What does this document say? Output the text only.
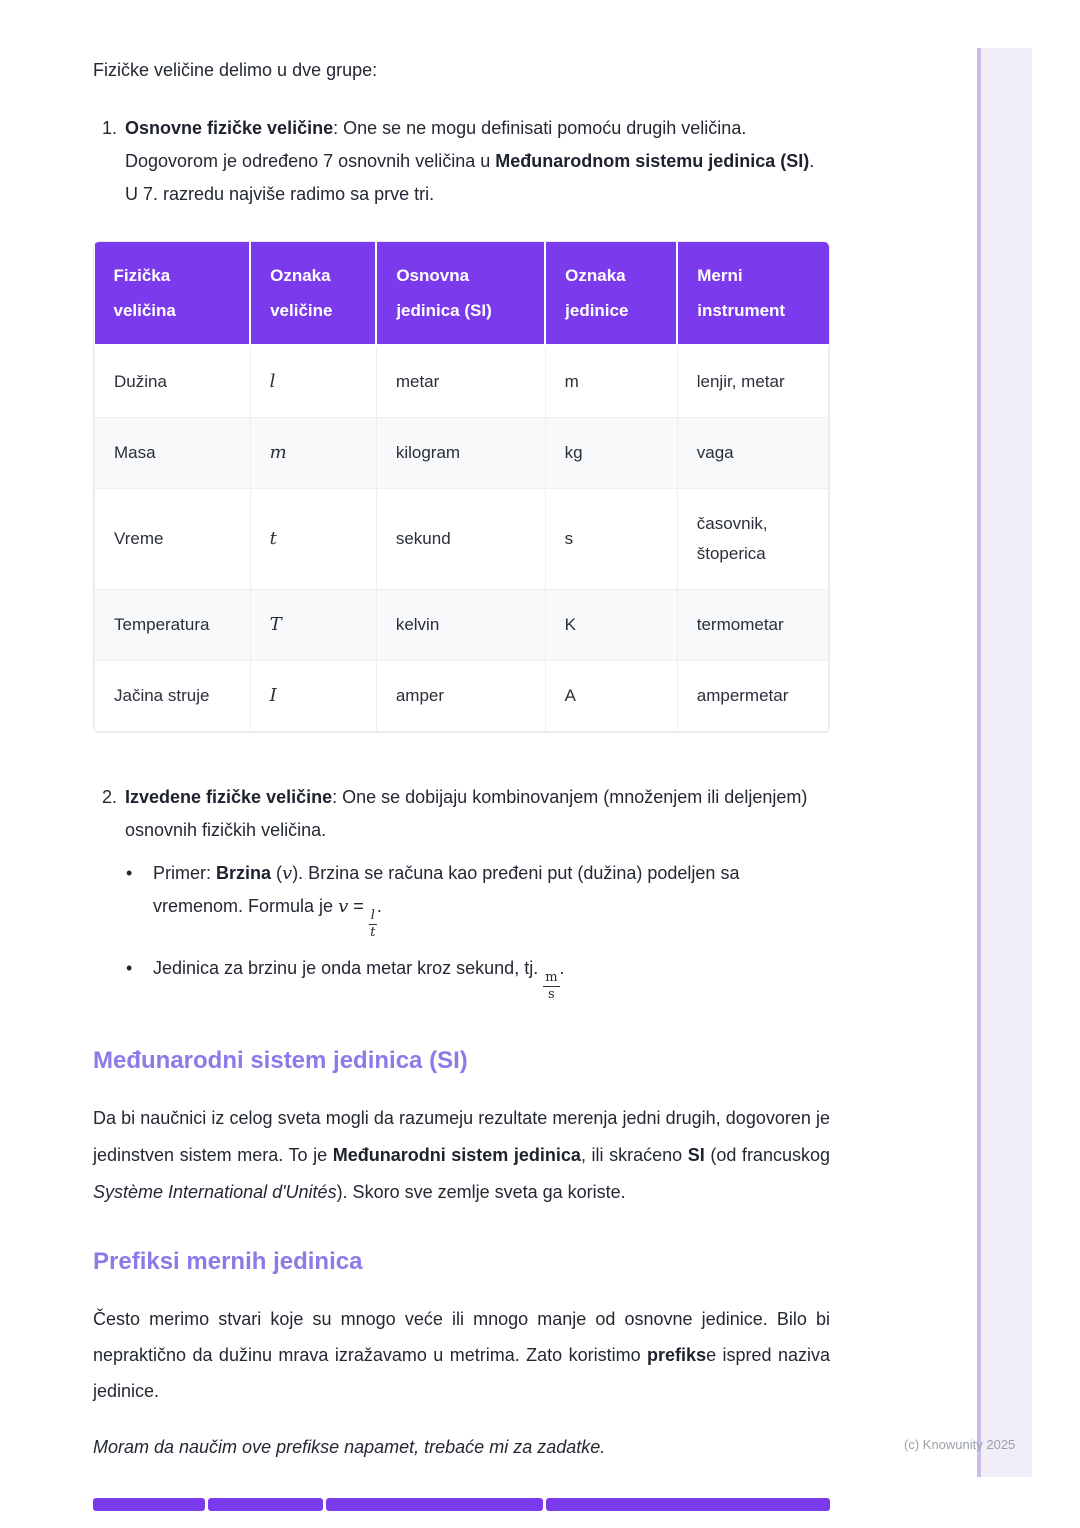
Fizičke veličine delimo u dve grupe:

1. Osnovne fizičke veličine: One se ne mogu definisati pomoću drugih veličina. Dogovorom je određeno 7 osnovnih veličina u Međunarodnom sistemu jedinica (SI). U 7. razredu najviše radimo sa prve tri.
Fizička veličina	Oznaka veličine	Osnovna jedinica (SI)	Oznaka jedinice	Merni instrument
Dužina	l	metar	m	lenjir, metar
Masa	m	kilogram	kg	vaga
Vreme	t	sekund	s	časovnik, štoperica
Temperatura	T	kelvin	K	termometar
Jačina struje	I	amper	A	ampermetar
2. Izvedene fizičke veličine: One se dobijaju kombinovanjem (množenjem ili deljenjem) osnovnih fizičkih veličina.
•	Primer: Brzina (v). Brzina se računa kao pređeni put (dužina) podeljen sa vremenom. Formula je v =
$\frac{l}{t}$
.
•	Jedinica za brzinu je onda metar kroz sekund, tj.
$\frac{m}{s}$
.
Međunarodni sistem jedinica (SI)

Da bi naučnici iz celog sveta mogli da razumeju rezultate merenja jedni drugih, dogovoren je jedinstven sistem mera. To je Međunarodni sistem jedinica, ili skraćeno SI (od francuskog Système International d'Unités). Skoro sve zemlje sveta ga koriste.

Prefiksi mernih jedinica

Često merimo stvari koje su mnogo veće ili mnogo manje od osnovne jedinice. Bilo bi nepraktično da dužinu mrava izražavamo u metrima. Zato koristimo prefikse ispred naziva jedinice.

Moram da naučim ove prefikse napamet, trebaće mi za zadatke.	(c) Knowunity 2025
